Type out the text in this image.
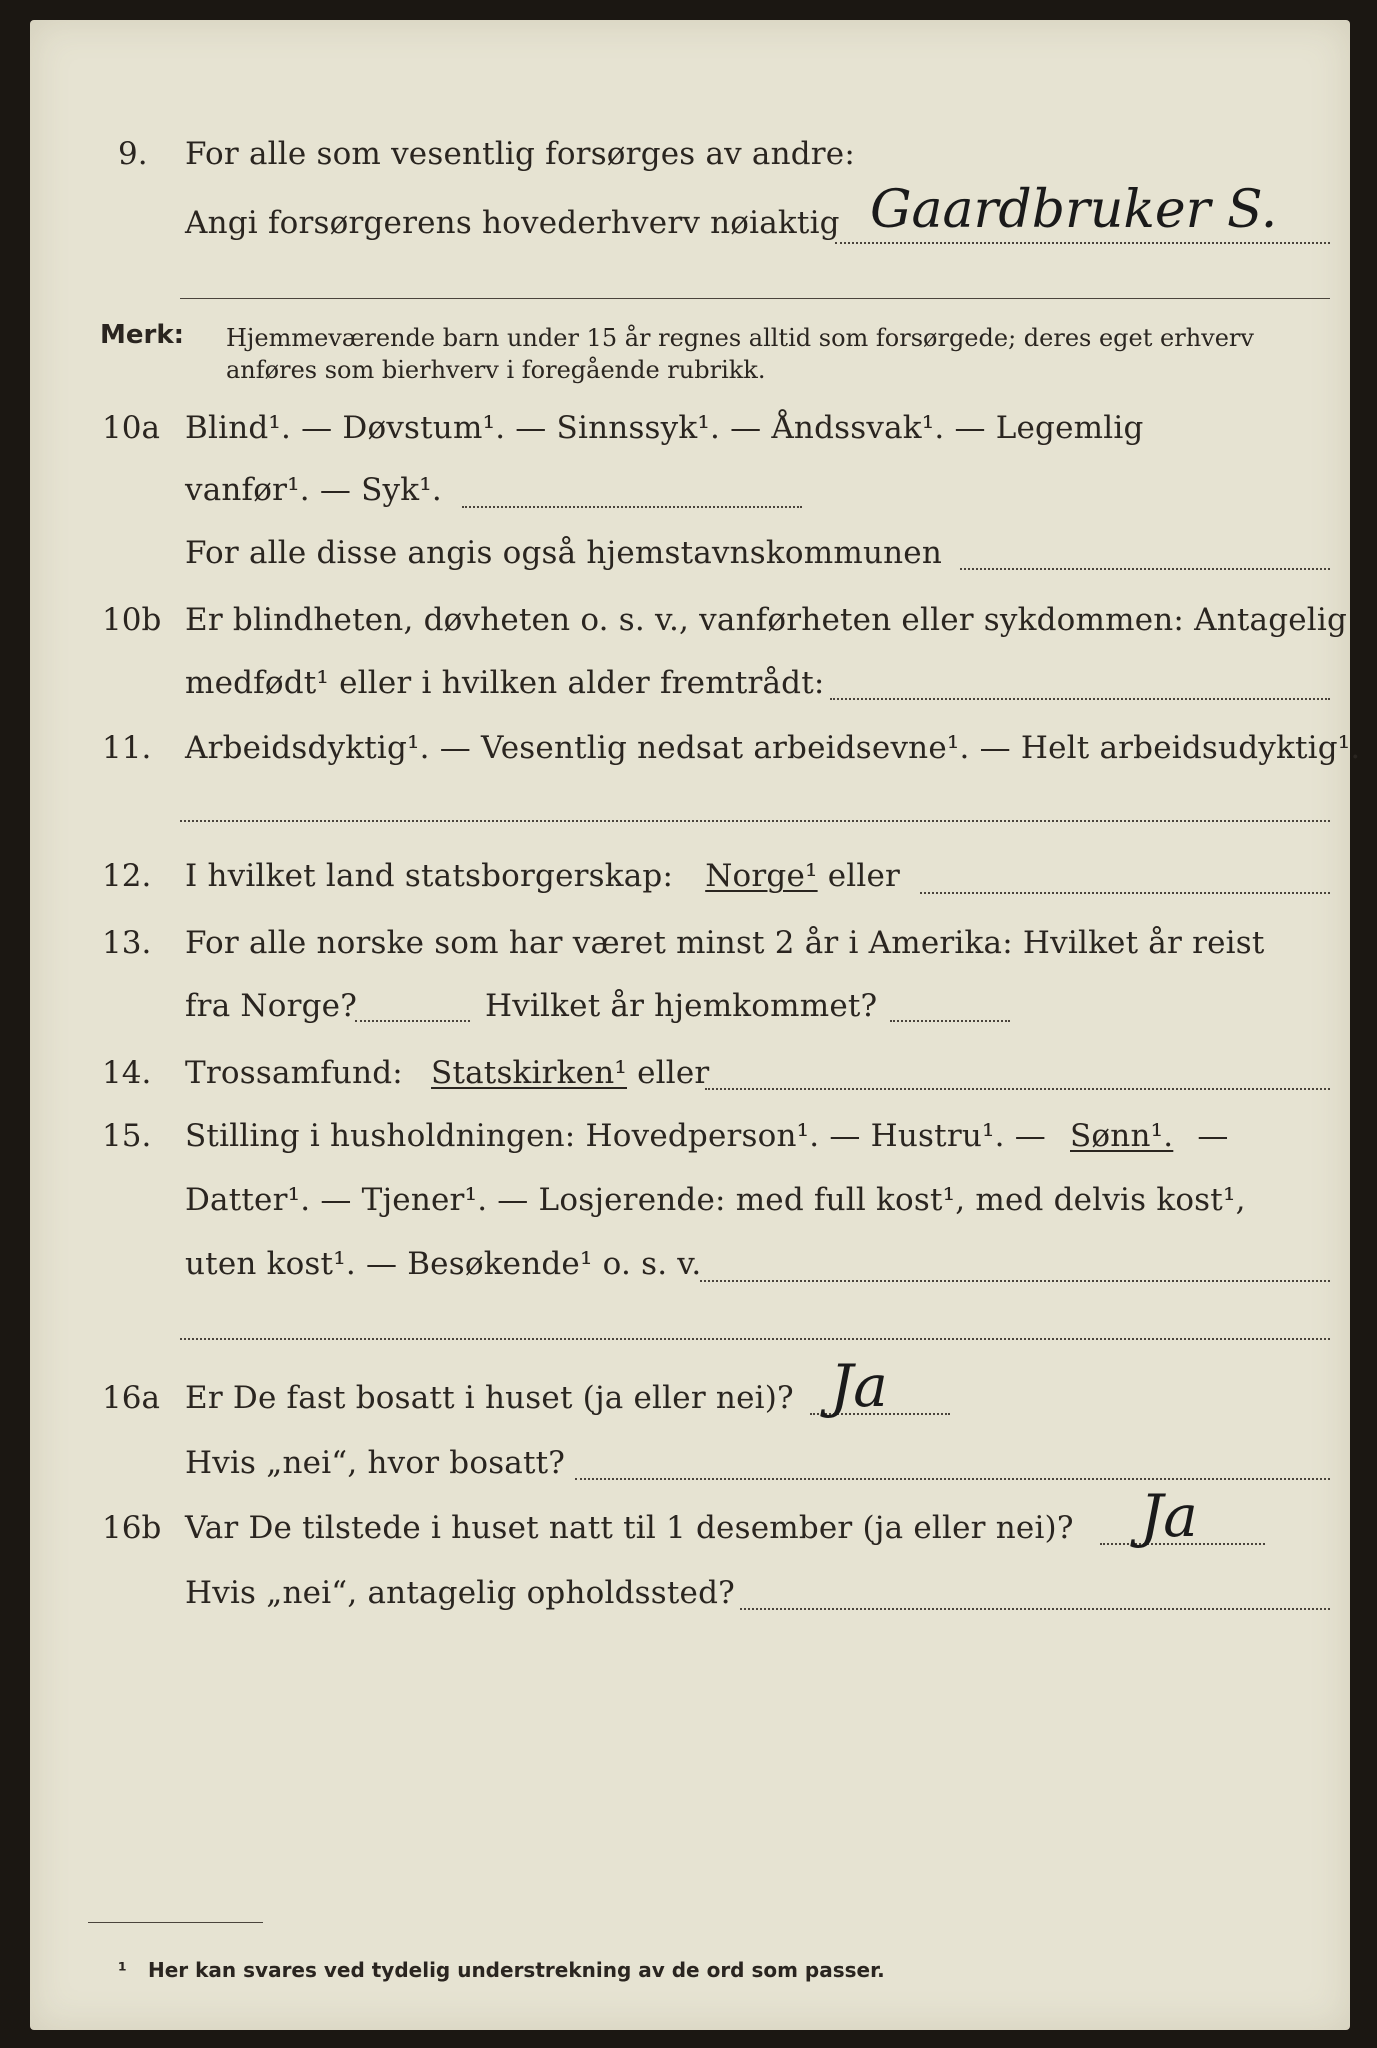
9. For alle som vesentlig forsørges av andre:
Angi forsørgerens hovederhverv nøiaktig Gaardbruker S.
Merk: Hjemmeværende barn under 15 år regnes alltid som forsørgede; deres eget erhverv
anføres som bierhverv i foregående rubrikk.
10a Blind¹. — Døvstum¹. — Sinnssyk¹. — Åndssvak¹. — Legemlig
vanfør¹. — Syk¹.
For alle disse angis også hjemstavnskommunen
10b Er blindheten, døvheten o. s. v., vanførheten eller sykdommen: Antagelig
medfødt¹ eller i hvilken alder fremtrådt:
11. Arbeidsdyktig¹. — Vesentlig nedsat arbeidsevne¹. — Helt arbeidsudyktig¹.
12. I hvilket land statsborgerskap: Norge¹ eller
13. For alle norske som har været minst 2 år i Amerika: Hvilket år reist
fra Norge?	Hvilket år hjemkommet?
14. Trossamfund: Statskirken¹ eller
15. Stilling i husholdningen: Hovedperson¹. — Hustru¹. — Sønn¹. —
Datter¹. — Tjener¹. — Losjerende: med full kost¹, med delvis kost¹,
uten kost¹. — Besøkende¹ o. s. v.
16a Er De fast bosatt i huset (ja eller nei)? Ja
Hvis „nei“, hvor bosatt?
16b Var De tilstede i huset natt til 1 desember (ja eller nei)? Ja
Hvis „nei“, antagelig opholdssted?
¹ Her kan svares ved tydelig understrekning av de ord som passer.
